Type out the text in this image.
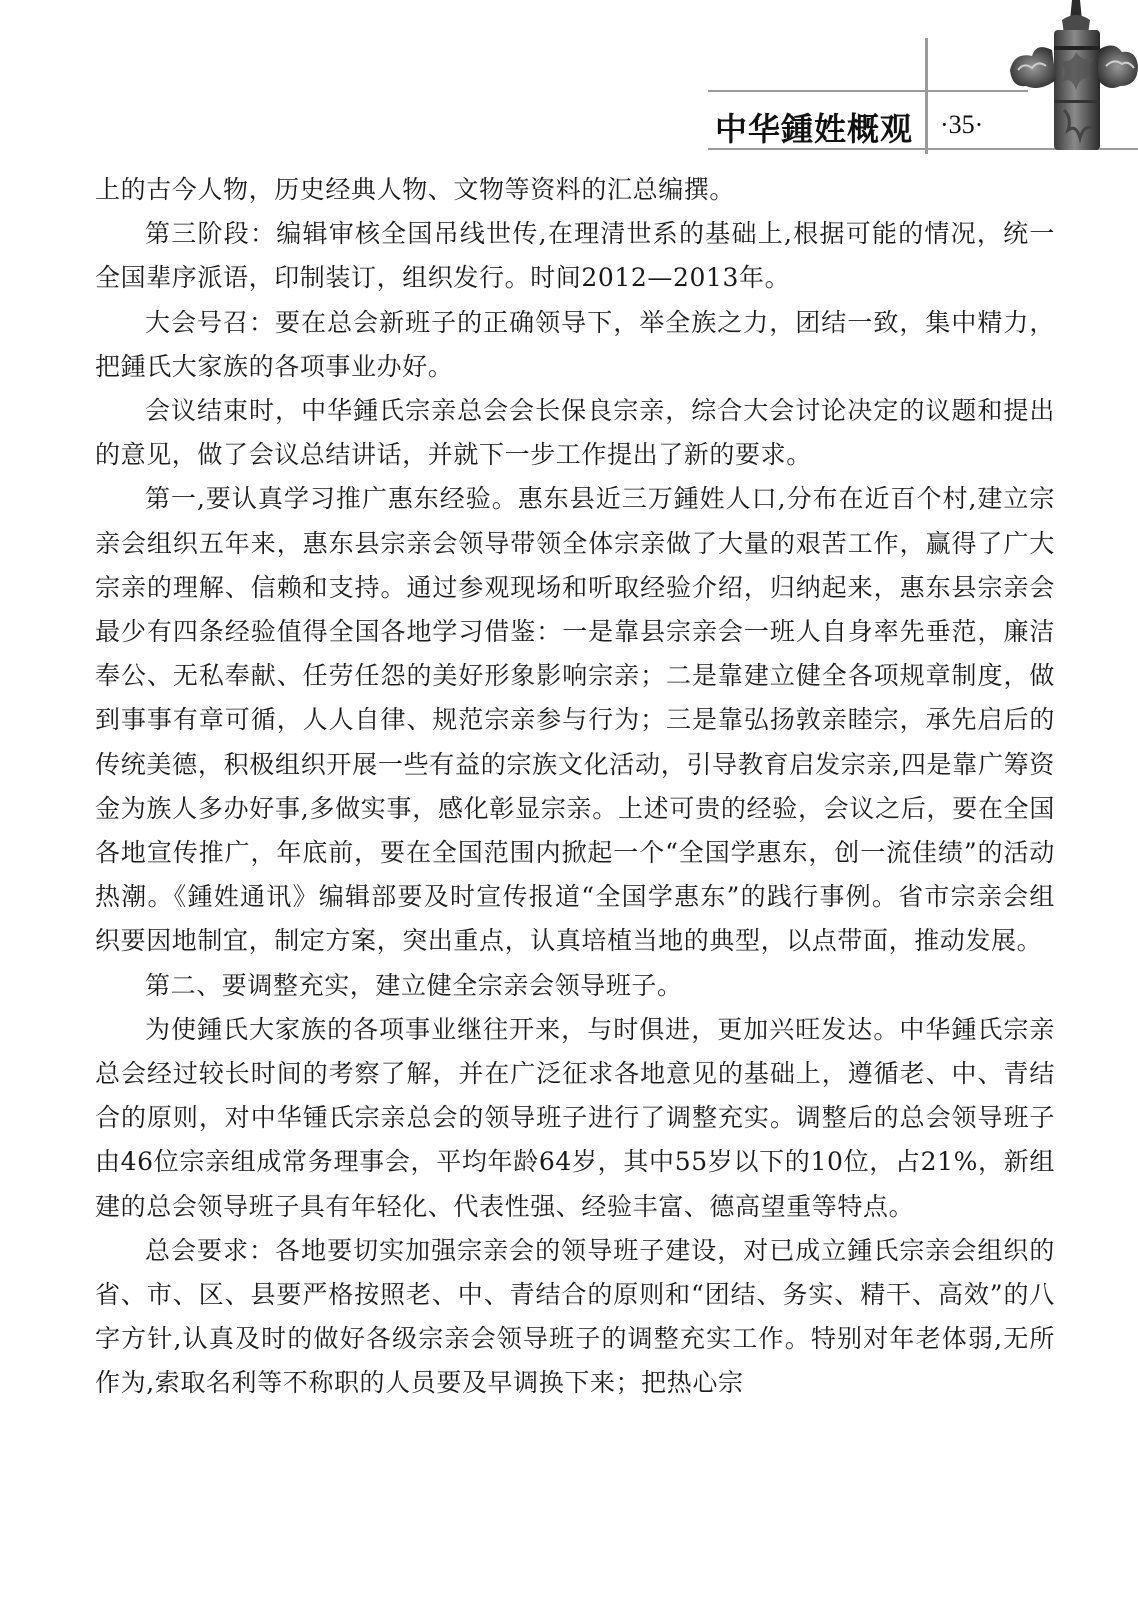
中华鍾姓概观 ·35·

上的古今人物，历史经典人物、文物等资料的汇总编撰。

第三阶段：编辑审核全国吊线世传,在理清世系的基础上,根据可能的情况，统一全国辈序派语，印制装订，组织发行。时间2012—2013年。

大会号召：要在总会新班子的正确领导下，举全族之力，团结一致，集中精力，把鍾氏大家族的各项事业办好。

会议结束时，中华鍾氏宗亲总会会长保良宗亲，综合大会讨论决定的议题和提出的意见，做了会议总结讲话，并就下一步工作提出了新的要求。

第一,要认真学习推广惠东经验。惠东县近三万鍾姓人口,分布在近百个村,建立宗亲会组织五年来，惠东县宗亲会领导带领全体宗亲做了大量的艰苦工作，赢得了广大宗亲的理解、信赖和支持。通过参观现场和听取经验介绍，归纳起来，惠东县宗亲会最少有四条经验值得全国各地学习借鉴：一是靠县宗亲会一班人自身率先垂范，廉洁奉公、无私奉献、任劳任怨的美好形象影响宗亲；二是靠建立健全各项规章制度，做到事事有章可循，人人自律、规范宗亲参与行为；三是靠弘扬敦亲睦宗，承先启后的传统美德，积极组织开展一些有益的宗族文化活动，引导教育启发宗亲,四是靠广筹资金为族人多办好事,多做实事，感化彰显宗亲。上述可贵的经验，会议之后，要在全国各地宣传推广，年底前，要在全国范围内掀起一个“全国学惠东，创一流佳绩”的活动热潮。《鍾姓通讯》编辑部要及时宣传报道“全国学惠东”的践行事例。省市宗亲会组织要因地制宜，制定方案，突出重点，认真培植当地的典型，以点带面，推动发展。

第二、要调整充实，建立健全宗亲会领导班子。

为使鍾氏大家族的各项事业继往开来，与时俱进，更加兴旺发达。中华鍾氏宗亲总会经过较长时间的考察了解，并在广泛征求各地意见的基础上，遵循老、中、青结合的原则，对中华锺氏宗亲总会的领导班子进行了调整充实。调整后的总会领导班子由46位宗亲组成常务理事会，平均年龄64岁，其中55岁以下的10位，占21%，新组建的总会领导班子具有年轻化、代表性强、经验丰富、德高望重等特点。

总会要求：各地要切实加强宗亲会的领导班子建设，对已成立鍾氏宗亲会组织的省、市、区、县要严格按照老、中、青结合的原则和“团结、务实、精干、高效”的八字方针,认真及时的做好各级宗亲会领导班子的调整充实工作。特别对年老体弱,无所作为,索取名利等不称职的人员要及早调换下来；把热心宗
